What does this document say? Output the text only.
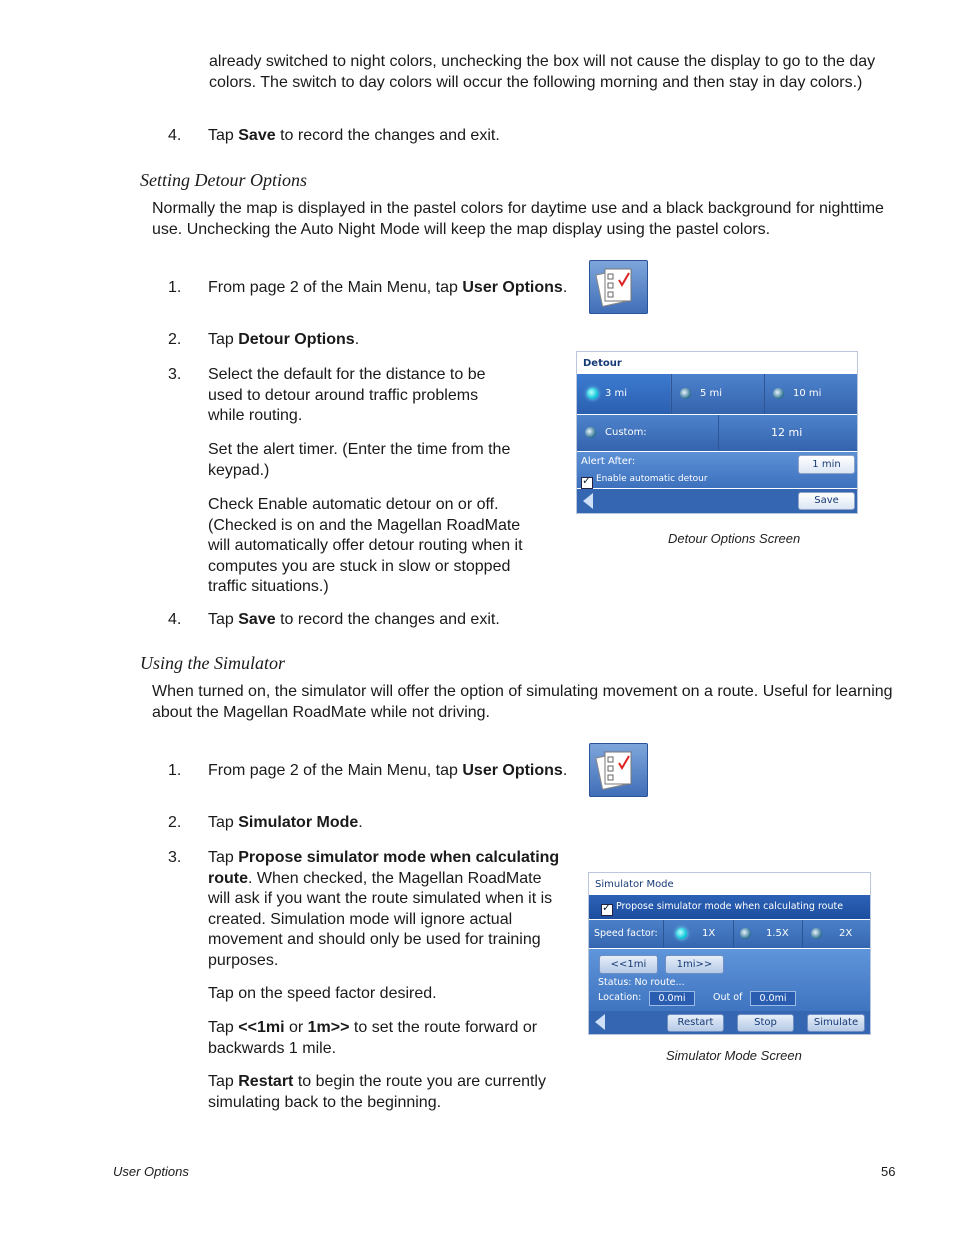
already switched to night colors, unchecking the box will not cause the display to go to the day colors. The switch to day colors will occur the following morning and then stay in day colors.)
4. Tap Save to record the changes and exit.
Setting Detour Options
Normally the map is displayed in the pastel colors for daytime use and a black background for nighttime use. Unchecking the Auto Night Mode will keep the map display using the pastel colors.
1. From page 2 of the Main Menu, tap User Options.
2. Tap Detour Options.
3. Select the default for the distance to be used to detour around traffic problems while routing.
Set the alert timer. (Enter the time from the keypad.)
Check Enable automatic detour on or off. (Checked is on and the Magellan RoadMate will automatically offer detour routing when it computes you are stuck in slow or stopped traffic situations.)
4. Tap Save to record the changes and exit.
Detour
3 mi	5 mi	10 mi
Custom:	12 mi
Alert After:	1 min
✓
Enable automatic detour
Save
Detour Options Screen
Using the Simulator
When turned on, the simulator will offer the option of simulating movement on a route. Useful for learning about the Magellan RoadMate while not driving.
1. From page 2 of the Main Menu, tap User Options.
2. Tap Simulator Mode.
3. Tap Propose simulator mode when calculating route. When checked, the Magellan RoadMate will ask if you want the route simulated when it is created. Simulation mode will ignore actual movement and should only be used for training purposes.
Tap on the speed factor desired.
Tap <<1mi or 1m>> to set the route forward or backwards 1 mile.
Tap Restart to begin the route you are currently simulating back to the beginning.
Simulator Mode
✓
Propose simulator mode when calculating route
Speed factor:	1X	1.5X	2X
<<1mi	1mi>>
Status: No route...
Location:	0.0mi	Out of	0.0mi
Restart	Stop	Simulate
Simulator Mode Screen
User Options	56
